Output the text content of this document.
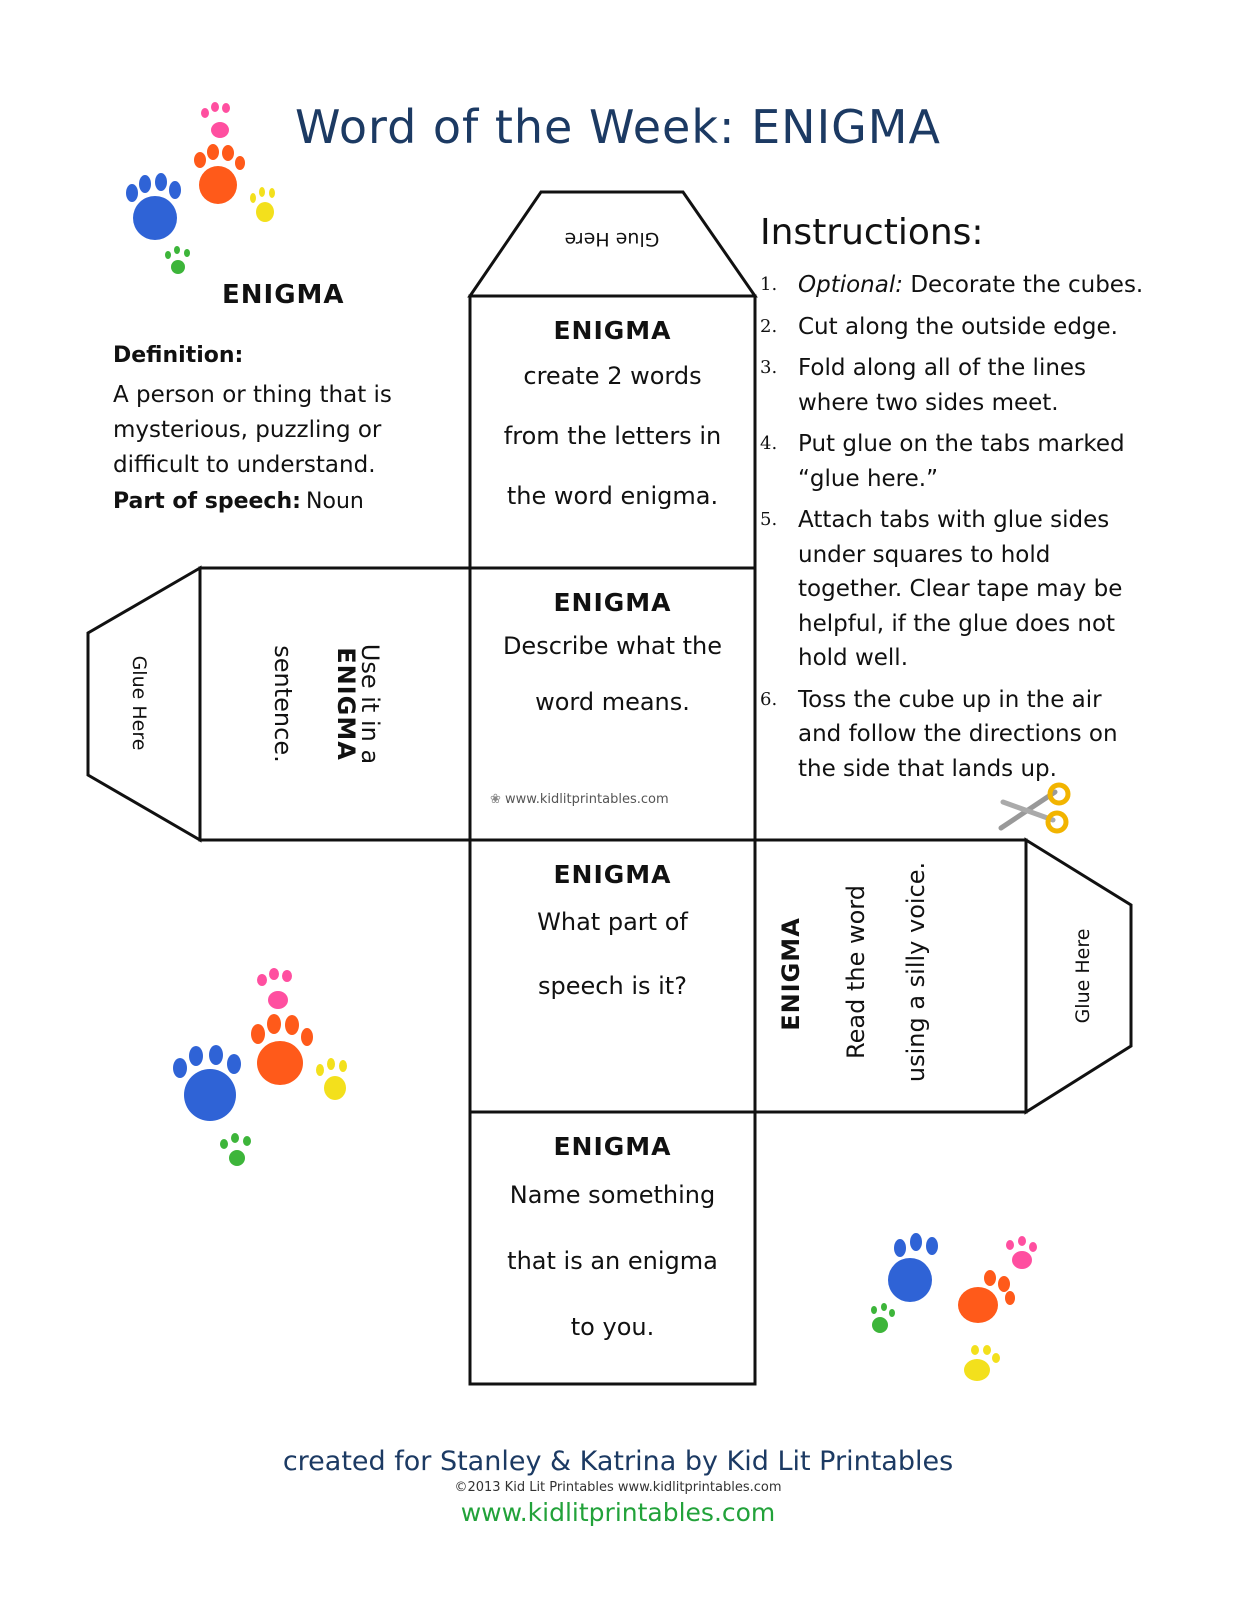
Word of the Week: ENIGMA
ENIGMA
Definition:
A person or thing that is mysterious, puzzling or difficult to understand.
Part of speech: Noun
Instructions:
1. Optional: Decorate the cubes.
2. Cut along the outside edge.
3. Fold along all of the lines where two sides meet.
4. Put glue on the tabs marked “glue here.”
5. Attach tabs with glue sides under squares to hold together. Clear tape may be helpful, if the glue does not hold well.
6. Toss the cube up in the air and follow the directions on the side that lands up.
Glue Here
Glue Here
Glue Here
ENIGMA
create 2 words
from the letters in
the word enigma.
ENIGMA
Describe what the
word means.
❀ www.kidlitprintables.com
ENIGMA
Use it in a
sentence.
ENIGMA
What part of
speech is it?	ENIGMA Read the word using a silly voice.
ENIGMA
Name something
that is an enigma
to you.
created for Stanley & Katrina by Kid Lit Printables
©2013 Kid Lit Printables www.kidlitprintables.com
www.kidlitprintables.com
